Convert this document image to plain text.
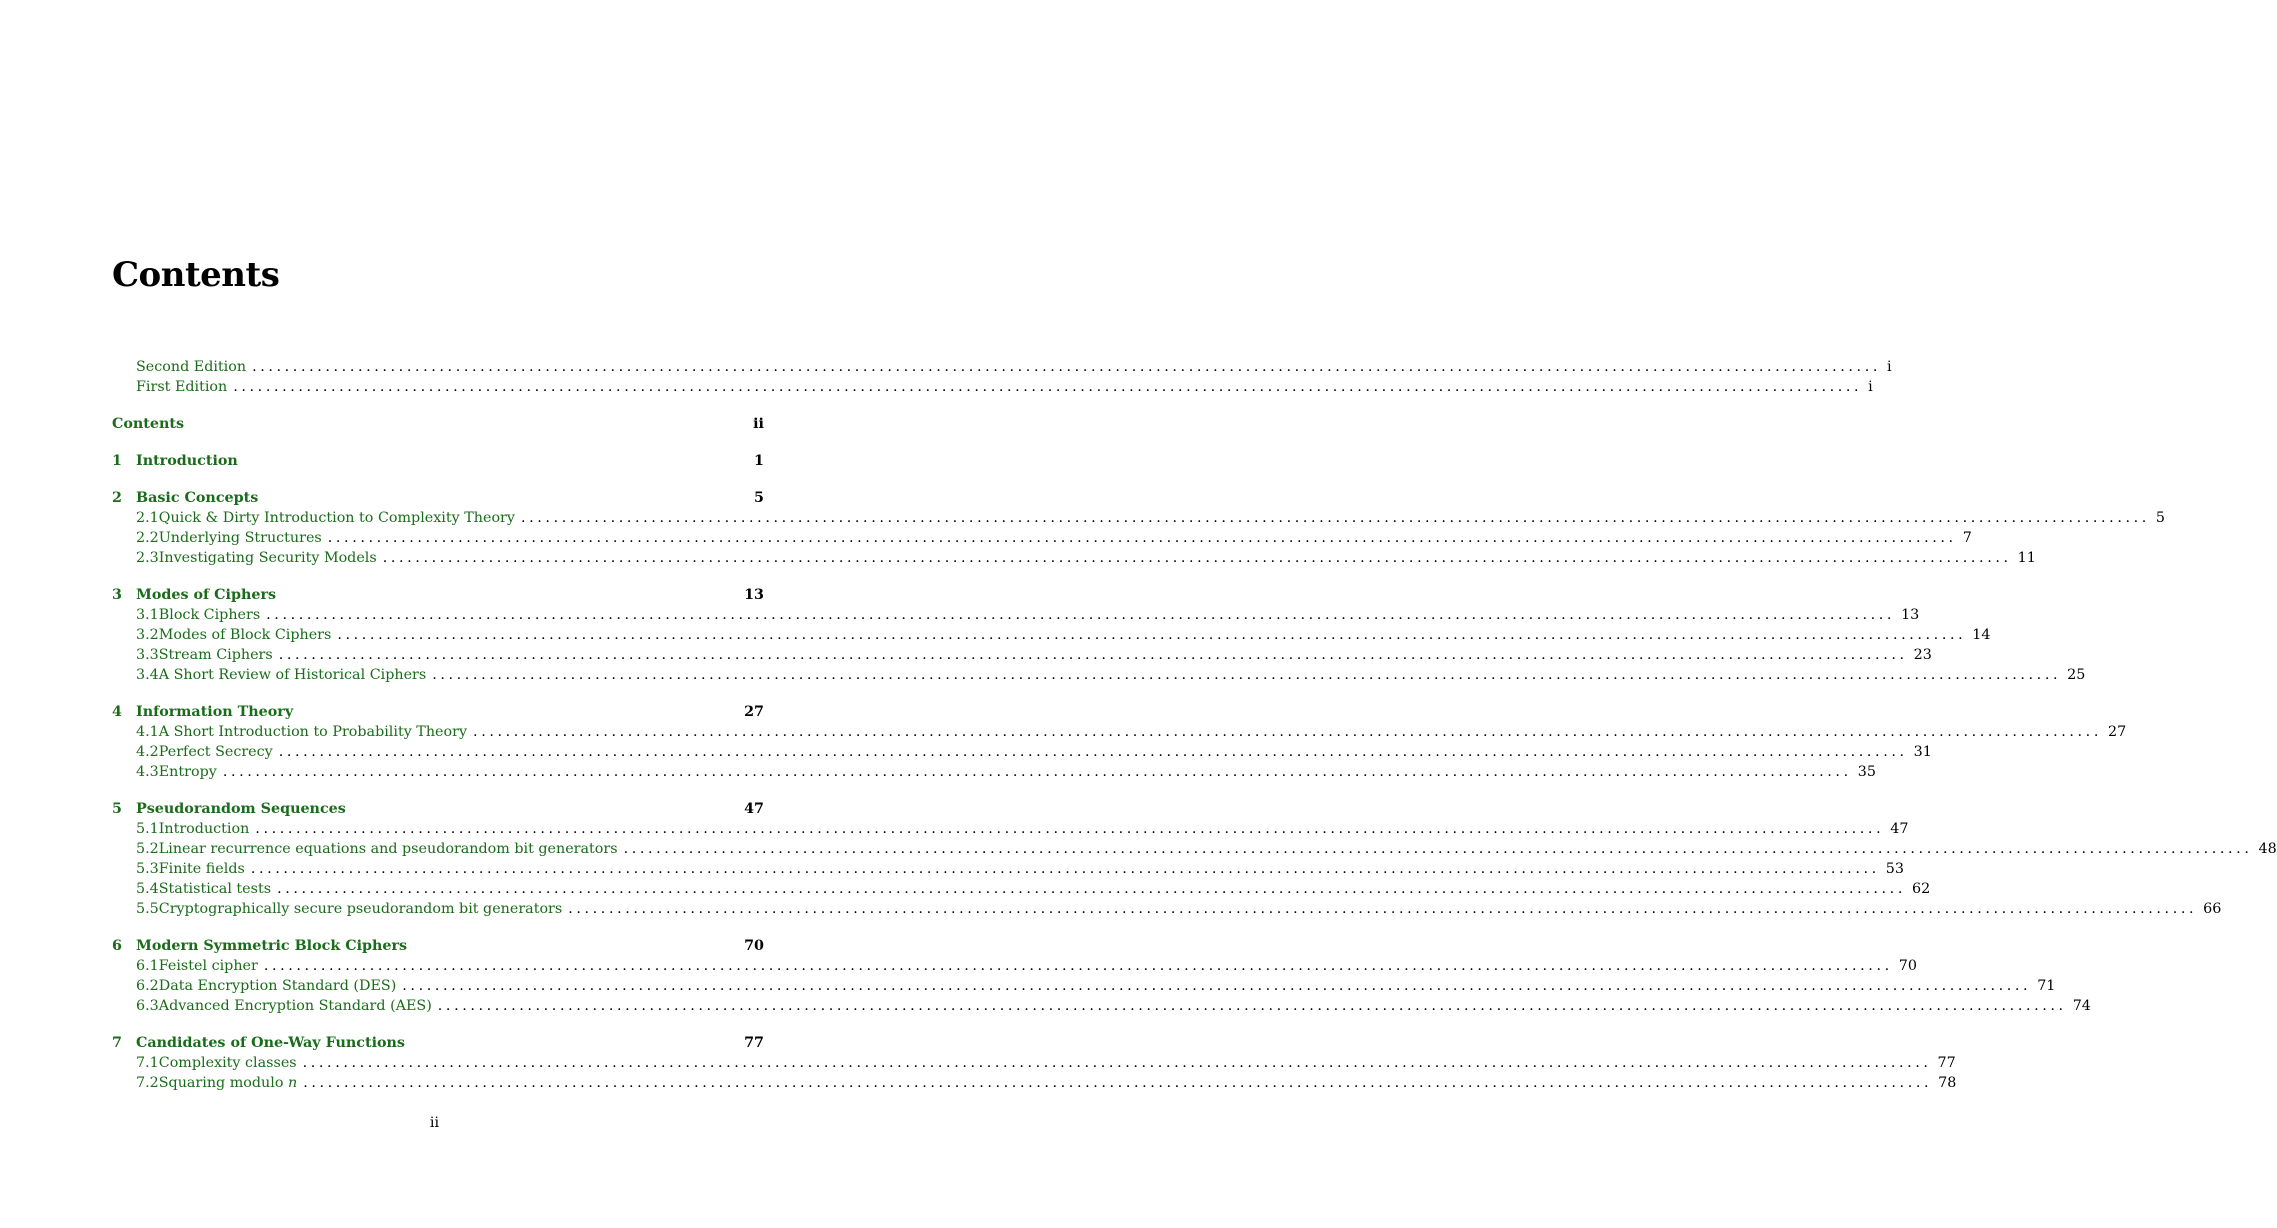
Contents
Second Edition ........................................................................................................................................................................................................ i
First Edition ........................................................................................................................................................................................................ i
Contents	ii
1 Introduction	1
2 Basic Concepts	5
2.1 Quick & Dirty Introduction to Complexity Theory ........................................................................................................................................................................................................ 5
2.2 Underlying Structures ........................................................................................................................................................................................................ 7
2.3 Investigating Security Models ........................................................................................................................................................................................................ 11
3 Modes of Ciphers	13
3.1 Block Ciphers ........................................................................................................................................................................................................ 13
3.2 Modes of Block Ciphers ........................................................................................................................................................................................................ 14
3.3 Stream Ciphers ........................................................................................................................................................................................................ 23
3.4 A Short Review of Historical Ciphers ........................................................................................................................................................................................................ 25
4 Information Theory	27
4.1 A Short Introduction to Probability Theory ........................................................................................................................................................................................................ 27
4.2 Perfect Secrecy ........................................................................................................................................................................................................ 31
4.3 Entropy ........................................................................................................................................................................................................ 35
5 Pseudorandom Sequences	47
5.1 Introduction ........................................................................................................................................................................................................ 47
5.2 Linear recurrence equations and pseudorandom bit generators ........................................................................................................................................................................................................ 48
5.3 Finite fields ........................................................................................................................................................................................................ 53
5.4 Statistical tests ........................................................................................................................................................................................................ 62
5.5 Cryptographically secure pseudorandom bit generators ........................................................................................................................................................................................................ 66
6 Modern Symmetric Block Ciphers	70
6.1 Feistel cipher ........................................................................................................................................................................................................ 70
6.2 Data Encryption Standard (DES) ........................................................................................................................................................................................................ 71
6.3 Advanced Encryption Standard (AES) ........................................................................................................................................................................................................ 74
7 Candidates of One-Way Functions	77
7.1 Complexity classes ........................................................................................................................................................................................................ 77
7.2 Squaring modulo n ........................................................................................................................................................................................................ 78
ii
